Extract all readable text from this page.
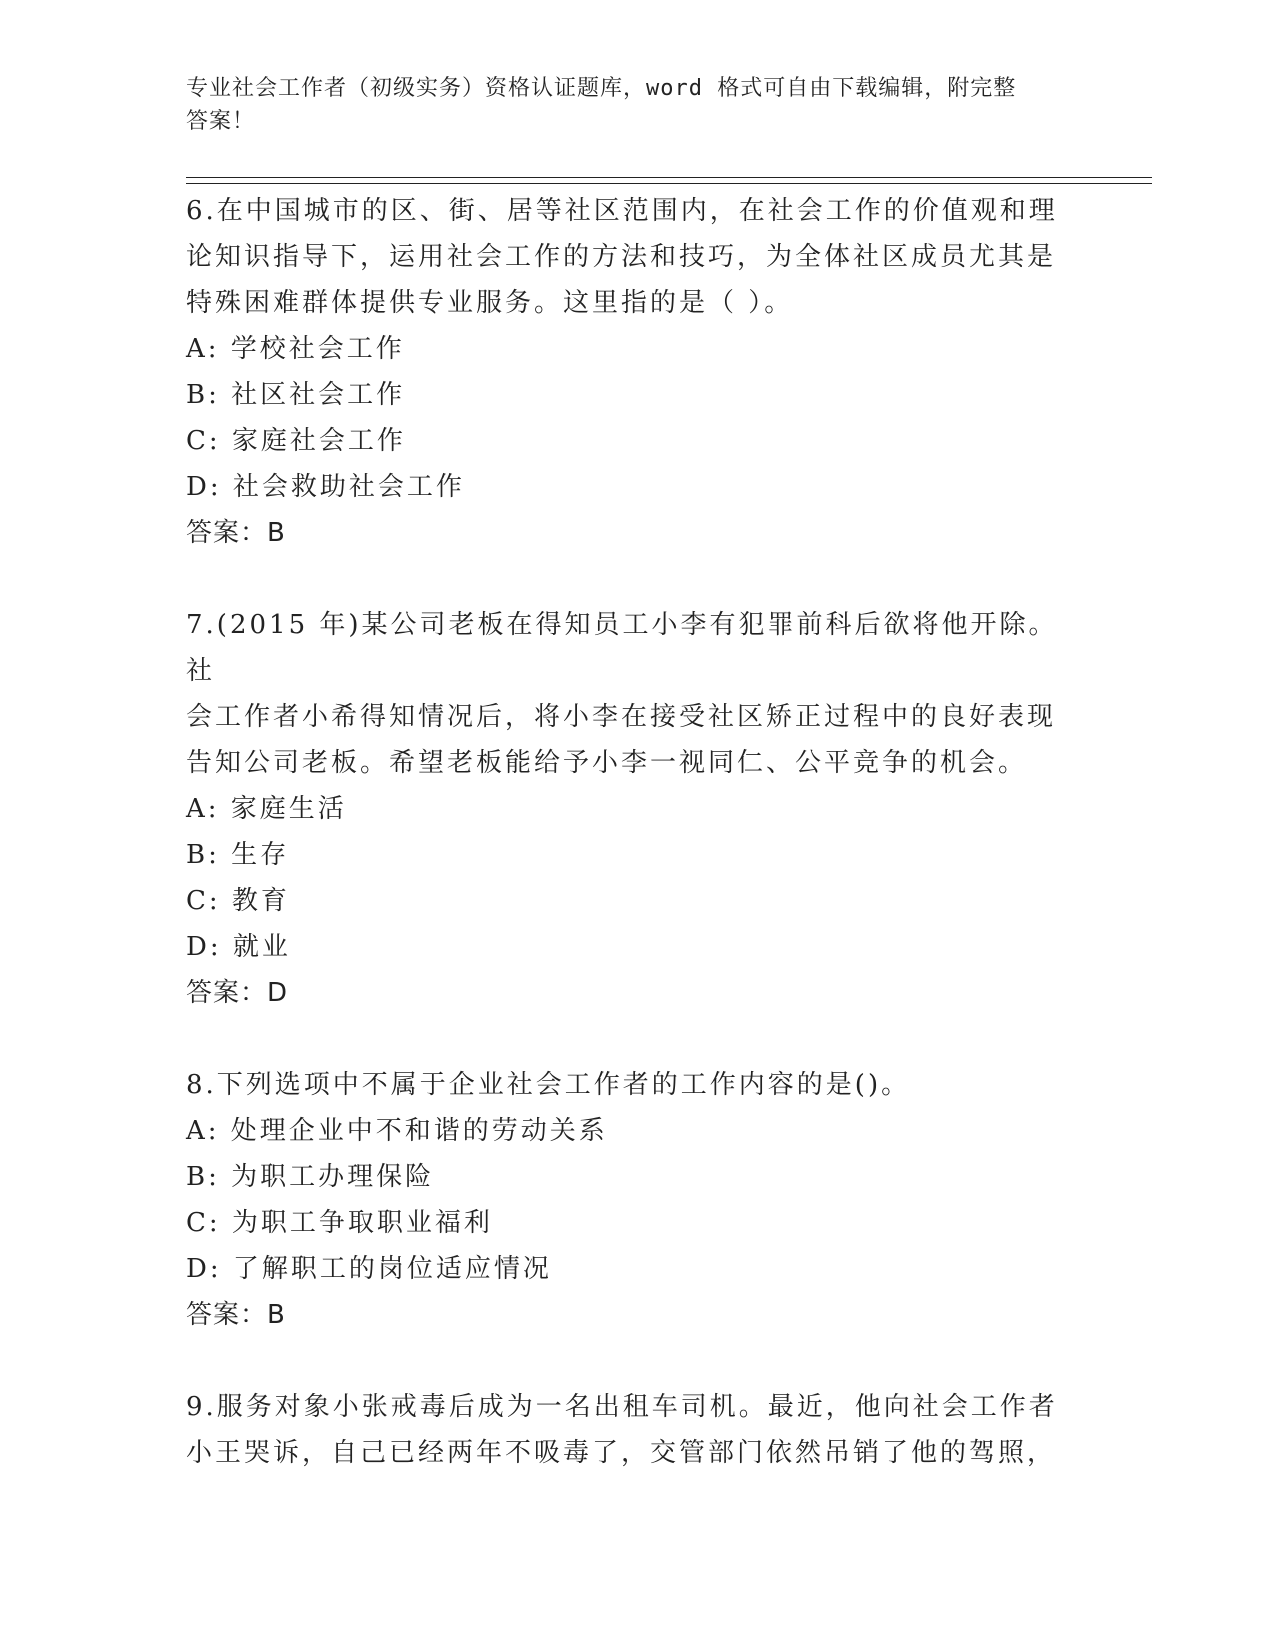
专业社会工作者（初级实务）资格认证题库，word 格式可自由下载编辑，附完整
答案！

6.在中国城市的区、街、居等社区范围内，在社会工作的价值观和理

论知识指导下，运用社会工作的方法和技巧，为全体社区成员尤其是

特殊困难群体提供专业服务。这里指的是（ ）。

A: 学校社会工作

B: 社区社会工作

C: 家庭社会工作

D: 社会救助社会工作

答案：B

7.(2015 年)某公司老板在得知员工小李有犯罪前科后欲将他开除。社

会工作者小希得知情况后，将小李在接受社区矫正过程中的良好表现

告知公司老板。希望老板能给予小李一视同仁、公平竞争的机会。

A: 家庭生活

B: 生存

C: 教育

D: 就业

答案：D

8.下列选项中不属于企业社会工作者的工作内容的是()。

A: 处理企业中不和谐的劳动关系

B: 为职工办理保险

C: 为职工争取职业福利

D: 了解职工的岗位适应情况

答案：B

9.服务对象小张戒毒后成为一名出租车司机。最近，他向社会工作者

小王哭诉，自己已经两年不吸毒了，交管部门依然吊销了他的驾照，
